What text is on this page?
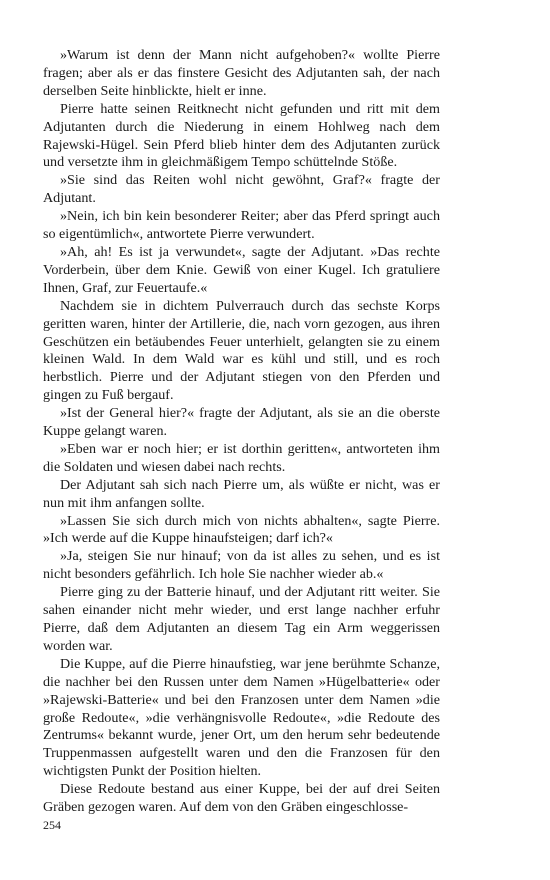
»Warum ist denn der Mann nicht aufgehoben?« wollte Pierre fragen; aber als er das finstere Gesicht des Adjutanten sah, der nach derselben Seite hinblickte, hielt er inne.

Pierre hatte seinen Reitknecht nicht gefunden und ritt mit dem Adjutanten durch die Niederung in einem Hohlweg nach dem Rajewski-Hügel. Sein Pferd blieb hinter dem des Adjutanten zurück und versetzte ihm in gleichmäßigem Tempo schüttelnde Stöße.

»Sie sind das Reiten wohl nicht gewöhnt, Graf?« fragte der Adjutant.

»Nein, ich bin kein besonderer Reiter; aber das Pferd springt auch so eigentümlich«, antwortete Pierre verwundert.

»Ah, ah! Es ist ja verwundet«, sagte der Adjutant. »Das rechte Vorderbein, über dem Knie. Gewiß von einer Kugel. Ich gratuliere Ihnen, Graf, zur Feuertaufe.«

Nachdem sie in dichtem Pulverrauch durch das sechste Korps geritten waren, hinter der Artillerie, die, nach vorn gezogen, aus ihren Geschützen ein betäubendes Feuer unterhielt, gelangten sie zu einem kleinen Wald. In dem Wald war es kühl und still, und es roch herbstlich. Pierre und der Adjutant stiegen von den Pferden und gingen zu Fuß bergauf.

»Ist der General hier?« fragte der Adjutant, als sie an die oberste Kuppe gelangt waren.

»Eben war er noch hier; er ist dorthin geritten«, antworteten ihm die Soldaten und wiesen dabei nach rechts.

Der Adjutant sah sich nach Pierre um, als wüßte er nicht, was er nun mit ihm anfangen sollte.

»Lassen Sie sich durch mich von nichts abhalten«, sagte Pierre. »Ich werde auf die Kuppe hinaufsteigen; darf ich?«

»Ja, steigen Sie nur hinauf; von da ist alles zu sehen, und es ist nicht besonders gefährlich. Ich hole Sie nachher wieder ab.«

Pierre ging zu der Batterie hinauf, und der Adjutant ritt weiter. Sie sahen einander nicht mehr wieder, und erst lange nachher erfuhr Pierre, daß dem Adjutanten an diesem Tag ein Arm weggerissen worden war.

Die Kuppe, auf die Pierre hinaufstieg, war jene berühmte Schanze, die nachher bei den Russen unter dem Namen »Hügelbatterie« oder »Rajewski-Batterie« und bei den Franzosen unter dem Namen »die große Redoute«, »die verhängnisvolle Redoute«, »die Redoute des Zentrums« bekannt wurde, jener Ort, um den herum sehr bedeutende Truppenmassen aufgestellt waren und den die Franzosen für den wichtigsten Punkt der Position hielten.

Diese Redoute bestand aus einer Kuppe, bei der auf drei Seiten Gräben gezogen waren. Auf dem von den Gräben eingeschlosse-

254
